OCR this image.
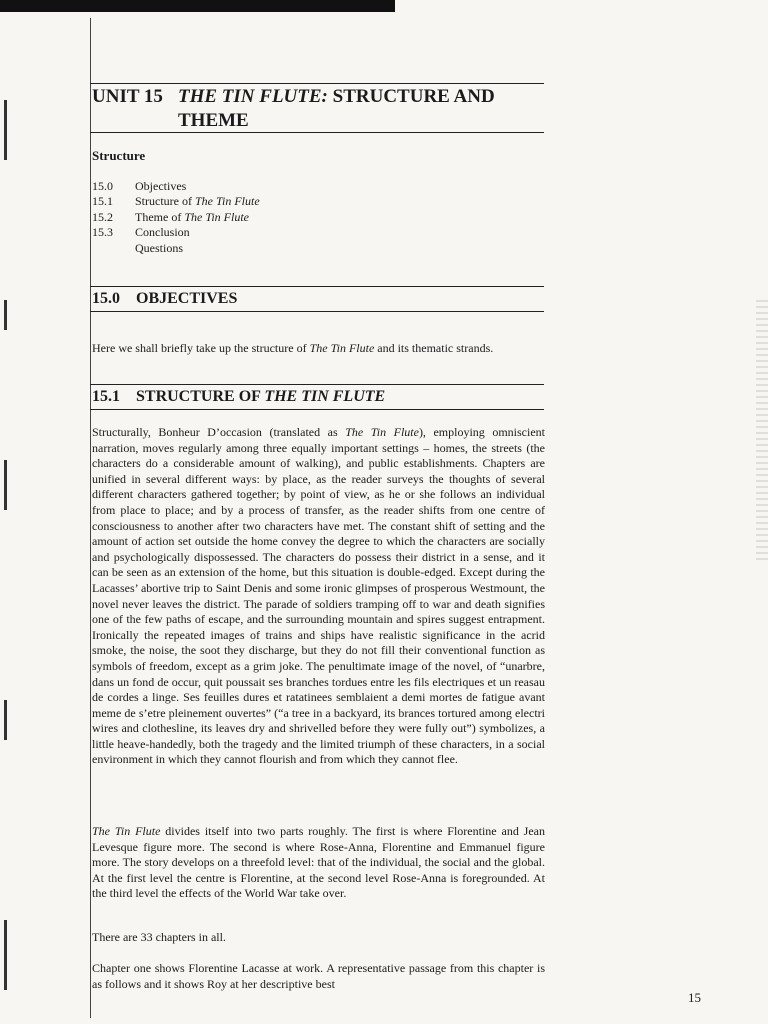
UNIT 15 THE TIN FLUTE: STRUCTURE AND
THEME
Structure
15.0	Objectives
15.1	Structure of The Tin Flute
15.2	Theme of The Tin Flute
15.3	Conclusion
Questions
15.0 OBJECTIVES
Here we shall briefly take up the structure of The Tin Flute and its thematic strands.
15.1 STRUCTURE OF THE TIN FLUTE
Structurally, Bonheur D’occasion (translated as The Tin Flute), employing omniscient narration, moves regularly among three equally important settings – homes, the streets (the characters do a considerable amount of walking), and public establishments. Chapters are unified in several different ways: by place, as the reader surveys the thoughts of several different characters gathered together; by point of view, as he or she follows an individual from place to place; and by a process of transfer, as the reader shifts from one centre of consciousness to another after two characters have met. The constant shift of setting and the amount of action set outside the home convey the degree to which the characters are socially and psychologically dispossessed. The characters do possess their district in a sense, and it can be seen as an extension of the home, but this situation is double-edged. Except during the Lacasses’ abortive trip to Saint Denis and some ironic glimpses of prosperous Westmount, the novel never leaves the district. The parade of soldiers tramping off to war and death signifies one of the few paths of escape, and the surrounding mountain and spires suggest entrapment. Ironically the repeated images of trains and ships have realistic significance in the acrid smoke, the noise, the soot they discharge, but they do not fill their conventional function as symbols of freedom, except as a grim joke. The penultimate image of the novel, of “unarbre, dans un fond de occur, quit poussait ses branches tordues entre les fils electriques et un reasau de cordes a linge. Ses feuilles dures et ratatinees semblaient a demi mortes de fatigue avant meme de s’etre pleinement ouvertes” (“a tree in a backyard, its brances tortured among electri wires and clothesline, its leaves dry and shrivelled before they were fully out”) symbolizes, a little heave-handedly, both the tragedy and the limited triumph of these characters, in a social environment in which they cannot flourish and from which they cannot flee.
The Tin Flute divides itself into two parts roughly. The first is where Florentine and Jean Levesque figure more. The second is where Rose-Anna, Florentine and Emmanuel figure more. The story develops on a threefold level: that of the individual, the social and the global. At the first level the centre is Florentine, at the second level Rose-Anna is foregrounded. At the third level the effects of the World War take over.
There are 33 chapters in all.
Chapter one shows Florentine Lacasse at work. A representative passage from this chapter is as follows and it shows Roy at her descriptive best
15
